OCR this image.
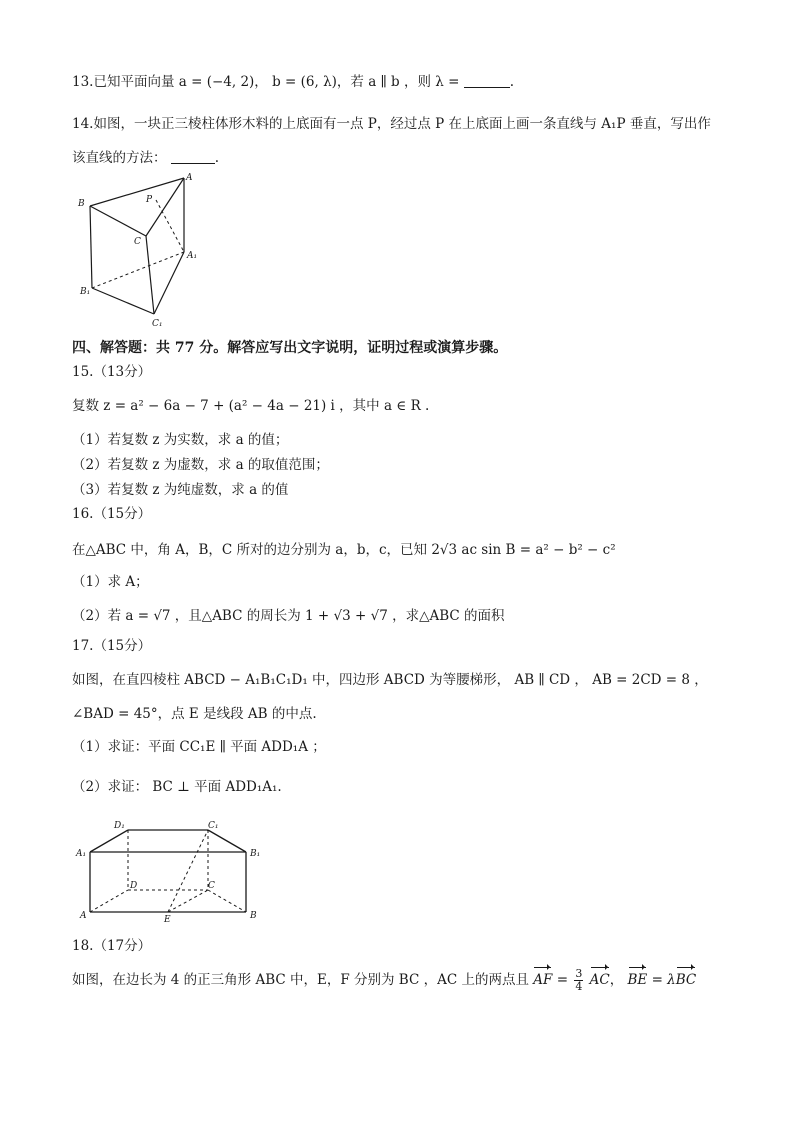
13.已知平面向量 a = (−4, 2)， b = (6, λ)，若 a ∥ b ，则 λ =	.
14.如图，一块正三棱柱体形木料的上底面有一点 P，经过点 P 在上底面上画一条直线与 A₁P 垂直，写出作
该直线的方法：	.
B
A
P
C
A₁
B₁
C₁
四、解答题：共 77 分。解答应写出文字说明，证明过程或演算步骤。
15.（13分）
复数 z = a² − 6a − 7 + (a² − 4a − 21) i ，其中 a ∈ R .
（1）若复数 z 为实数，求 a 的值；
（2）若复数 z 为虚数，求 a 的取值范围；
（3）若复数 z 为纯虚数，求 a 的值
16.（15分）
在△ABC 中，角 A，B，C 所对的边分别为 a，b，c，已知 2√3 ac sin B = a² − b² − c²
（1）求 A；
（2）若 a = √7 ，且△ABC 的周长为 1 + √3 + √7 ，求△ABC 的面积
17.（15分）
如图，在直四棱柱 ABCD − A₁B₁C₁D₁ 中，四边形 ABCD 为等腰梯形， AB ∥ CD ， AB = 2CD = 8 ，
∠BAD = 45°，点 E 是线段 AB 的中点.
（1）求证：平面 CC₁E ∥ 平面 ADD₁A ；
（2）求证： BC ⊥ 平面 ADD₁A₁.
A₁
D₁	C₁
B₁
D	C
A	B
E
18.（17分）
如图，在边长为 4 的正三角形 ABC 中，E，F 分别为 BC ，AC 上的两点且 AF = $\frac{3}{4}$ AC， BE = λBC
